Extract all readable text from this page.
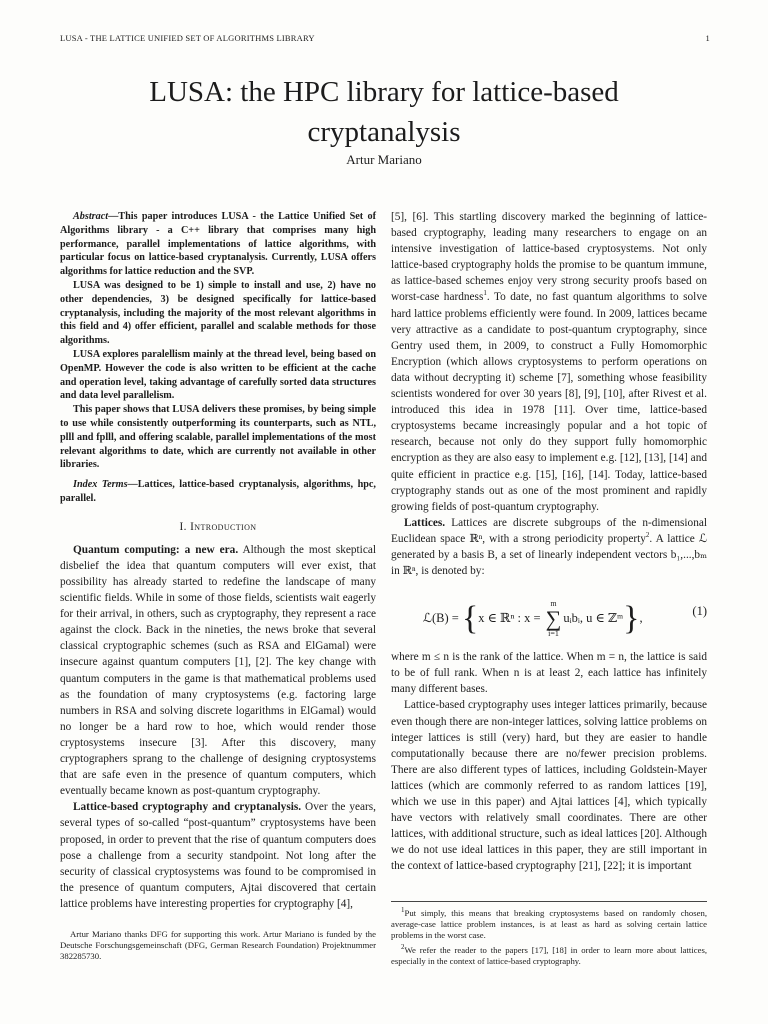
LUSA - THE LATTICE UNIFIED SET OF ALGORITHMS LIBRARY	1
LUSA: the HPC library for lattice-based
cryptanalysis
Artur Mariano

Abstract—This paper introduces LUSA - the Lattice Unified Set of Algorithms library - a C++ library that comprises many high performance, parallel implementations of lattice algorithms, with particular focus on lattice-based cryptanalysis. Currently, LUSA offers algorithms for lattice reduction and the SVP.

LUSA was designed to be 1) simple to install and use, 2) have no other dependencies, 3) be designed specifically for lattice-based cryptanalysis, including the majority of the most relevant algorithms in this field and 4) offer efficient, parallel and scalable methods for those algorithms.

LUSA explores paralellism mainly at the thread level, being based on OpenMP. However the code is also written to be efficient at the cache and operation level, taking advantage of carefully sorted data structures and data level parallelism.

This paper shows that LUSA delivers these promises, by being simple to use while consistently outperforming its counterparts, such as NTL, plll and fplll, and offering scalable, parallel implementations of the most relevant algorithms to date, which are currently not available in other libraries.

Index Terms—Lattices, lattice-based cryptanalysis, algorithms, hpc, parallel.

I. Introduction

Quantum computing: a new era. Although the most skeptical disbelief the idea that quantum computers will ever exist, that possibility has already started to redefine the landscape of many scientific fields. While in some of those fields, scientists wait eagerly for their arrival, in others, such as cryptography, they represent a race against the clock. Back in the nineties, the news broke that several classical cryptographic schemes (such as RSA and ElGamal) were insecure against quantum computers [1], [2]. The key change with quantum computers in the game is that mathematical problems used as the foundation of many cryptosystems (e.g. factoring large numbers in RSA and solving discrete logarithms in ElGamal) would no longer be a hard row to hoe, which would render those cryptosystems insecure [3]. After this discovery, many cryptographers sprang to the challenge of designing cryptosystems that are safe even in the presence of quantum computers, which eventually became known as post-quantum cryptography.

Lattice-based cryptography and cryptanalysis. Over the years, several types of so-called “post-quantum” cryptosystems have been proposed, in order to prevent that the rise of quantum computers does pose a challenge from a security standpoint. Not long after the security of classical cryptosystems was found to be compromised in the presence of quantum computers, Ajtai discovered that certain lattice problems have interesting properties for cryptography [4],

Artur Mariano thanks DFG for supporting this work. Artur Mariano is funded by the Deutsche Forschungsgemeinschaft (DFG, German Research Foundation) Projektnummer 382285730.

[5], [6]. This startling discovery marked the beginning of lattice-based cryptography, leading many researchers to engage on an intensive investigation of lattice-based cryptosystems. Not only lattice-based cryptography holds the promise to be quantum immune, as lattice-based schemes enjoy very strong security proofs based on worst-case hardness$^1$. To date, no fast quantum algorithms to solve hard lattice problems efficiently were found. In 2009, lattices became very attractive as a candidate to post-quantum cryptography, since Gentry used them, in 2009, to construct a Fully Homomorphic Encryption (which allows cryptosystems to perform operations on data without decrypting it) scheme [7], something whose feasibility scientists wondered for over 30 years [8], [9], [10], after Rivest et al. introduced this idea in 1978 [11]. Over time, lattice-based cryptosystems became increasingly popular and a hot topic of research, because not only do they support fully homomorphic encryption as they are also easy to implement e.g. [12], [13], [14] and quite efficient in practice e.g. [15], [16], [14]. Today, lattice-based cryptography stands out as one of the most prominent and rapidly growing fields of post-quantum cryptography.

Lattices. Lattices are discrete subgroups of the n-dimensional Euclidean space ℝⁿ, with a strong periodicity property$^2$. A lattice ℒ generated by a basis B, a set of linearly independent vectors b₁,...,bₘ in ℝⁿ, is denoted by:

ℒ(B) = {x ∈ ℝⁿ : x =
m
∑
i=1
uᵢbᵢ, u ∈ ℤᵐ},	(1)

where m ≤ n is the rank of the lattice. When m = n, the lattice is said to be of full rank. When n is at least 2, each lattice has infinitely many different bases.

Lattice-based cryptography uses integer lattices primarily, because even though there are non-integer lattices, solving lattice problems on integer lattices is still (very) hard, but they are easier to handle computationally because there are no/fewer precision problems. There are also different types of lattices, including Goldstein-Mayer lattices (which are commonly referred to as random lattices [19], which we use in this paper) and Ajtai lattices [4], which typically have vectors with relatively small coordinates. There are other lattices, with additional structure, such as ideal lattices [20]. Although we do not use ideal lattices in this paper, they are still important in the context of lattice-based cryptography [21], [22]; it is important

$^1$Put simply, this means that breaking cryptosystems based on randomly chosen, average-case lattice problem instances, is at least as hard as solving certain lattice problems in the worst case.

$^2$We refer the reader to the papers [17], [18] in order to learn more about lattices, especially in the context of lattice-based cryptography.
